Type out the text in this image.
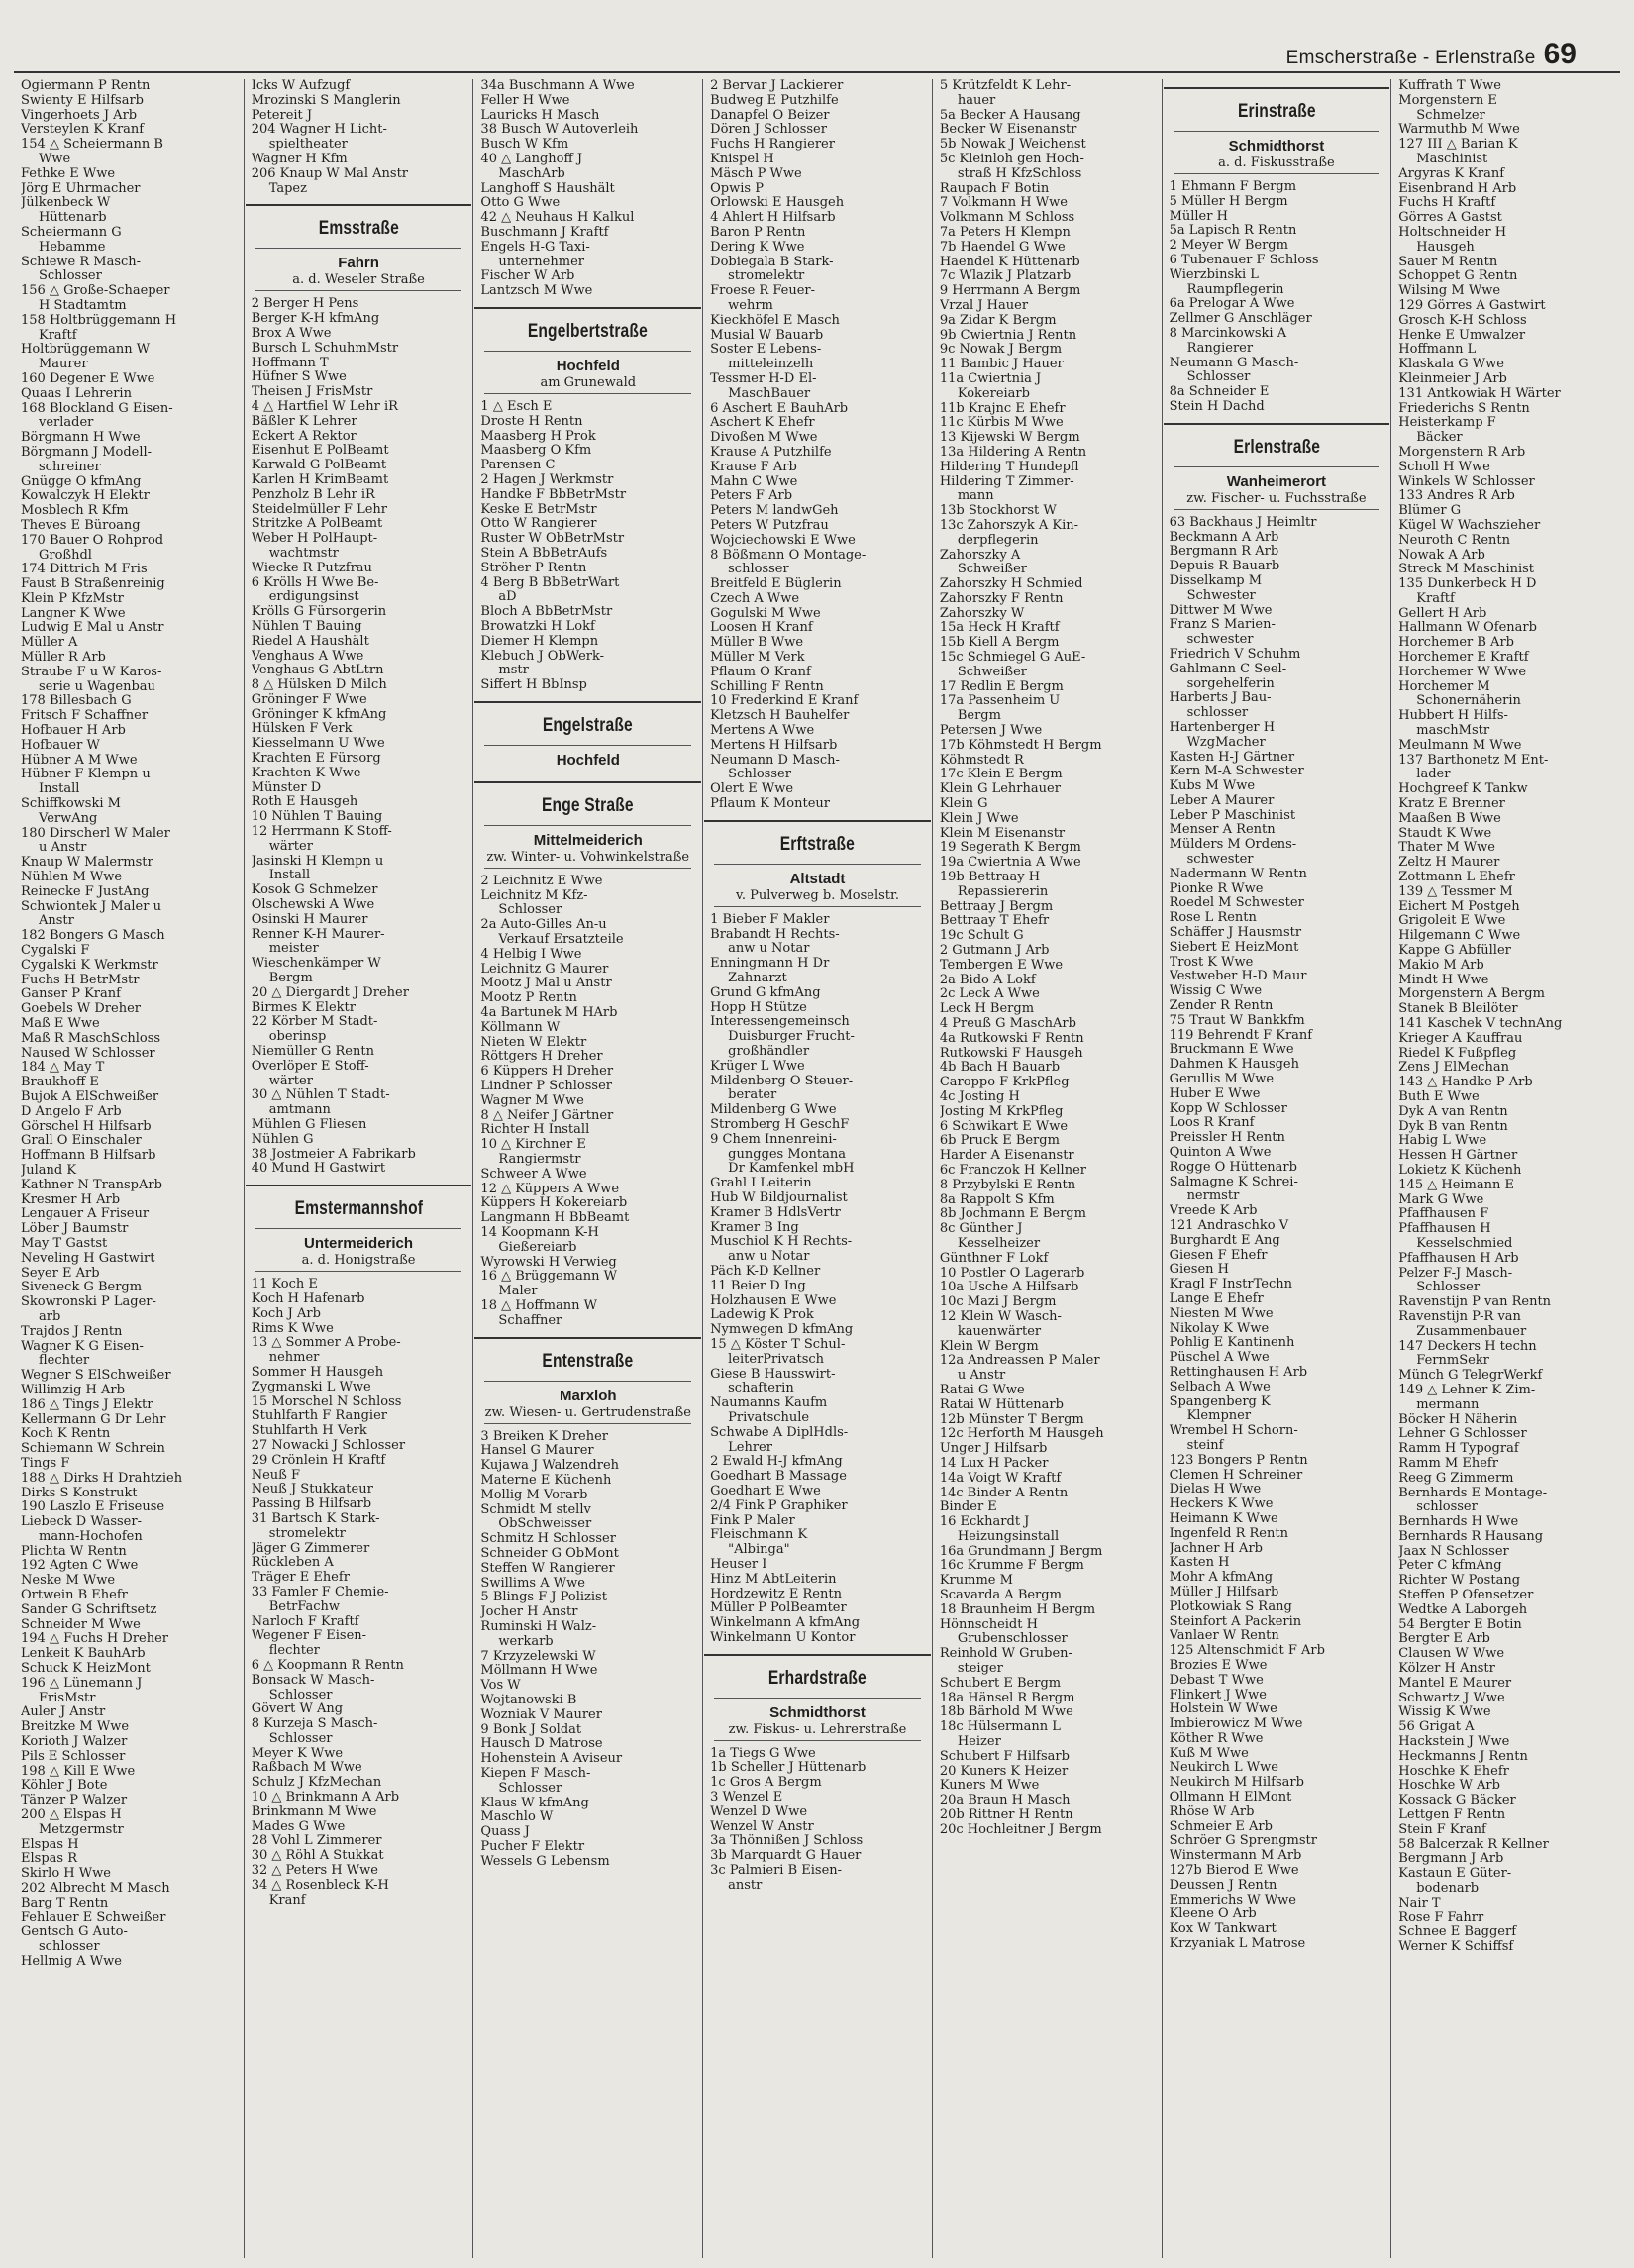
Emscherstraße - Erlenstraße 69
Ogiermann P Rentn
Swienty E Hilfsarb
Vingerhoets J Arb
Versteylen K Kranf
154 △ Scheiermann B
Wwe
Fethke E Wwe
Jörg E Uhrmacher
Jülkenbeck W
Hüttenarb
Scheiermann G
Hebamme
Schiewe R Masch-
Schlosser
156 △ Große-Schaeper
H Stadtamtm
158 Holtbrüggemann H
Kraftf
Holtbrüggemann W
Maurer
160 Degener E Wwe
Quaas I Lehrerin
168 Blockland G Eisen-
verlader
Börgmann H Wwe
Börgmann J Modell-
schreiner
Gnügge O kfmAng
Kowalczyk H Elektr
Mosblech R Kfm
Theves E Büroang
170 Bauer O Rohprod
Großhdl
174 Dittrich M Fris
Faust B Straßenreinig
Klein P KfzMstr
Langner K Wwe
Ludwig E Mal u Anstr
Müller A
Müller R Arb
Straube F u W Karos-
serie u Wagenbau
178 Billesbach G
Fritsch F Schaffner
Hofbauer H Arb
Hofbauer W
Hübner A M Wwe
Hübner F Klempn u
Install
Schiffkowski M
VerwAng
180 Dirscherl W Maler
u Anstr
Knaup W Malermstr
Nühlen M Wwe
Reinecke F JustAng
Schwiontek J Maler u
Anstr
182 Bongers G Masch
Cygalski F
Cygalski K Werkmstr
Fuchs H BetrMstr
Ganser P Kranf
Goebels W Dreher
Maß E Wwe
Maß R MaschSchloss
Naused W Schlosser
184 △ May T
Braukhoff E
Bujok A ElSchweißer
D Angelo F Arb
Görschel H Hilfsarb
Grall O Einschaler
Hoffmann B Hilfsarb
Juland K
Kathner N TranspArb
Kresmer H Arb
Lengauer A Friseur
Löber J Baumstr
May T Gastst
Neveling H Gastwirt
Seyer E Arb
Siveneck G Bergm
Skowronski P Lager-
arb
Trajdos J Rentn
Wagner K G Eisen-
flechter
Wegner S ElSchweißer
Willimzig H Arb
186 △ Tings J Elektr
Kellermann G Dr Lehr
Koch K Rentn
Schiemann W Schrein
Tings F
188 △ Dirks H Drahtzieh
Dirks S Konstrukt
190 Laszlo E Friseuse
Liebeck D Wasser-
mann-Hochofen
Plichta W Rentn
192 Agten C Wwe
Neske M Wwe
Ortwein B Ehefr
Sander G Schriftsetz
Schneider M Wwe
194 △ Fuchs H Dreher
Lenkeit K BauhArb
Schuck K HeizMont
196 △ Lünemann J
FrisMstr
Auler J Anstr
Breitzke M Wwe
Korioth J Walzer
Pils E Schlosser
198 △ Kill E Wwe
Köhler J Bote
Tänzer P Walzer
200 △ Elspas H
Metzgermstr
Elspas H
Elspas R
Skirlo H Wwe
202 Albrecht M Masch
Barg T Rentn
Fehlauer E Schweißer
Gentsch G Auto-
schlosser
Hellmig A Wwe
Icks W Aufzugf
Mrozinski S Manglerin
Petereit J
204 Wagner H Licht-
spieltheater
Wagner H Kfm
206 Knaup W Mal Anstr
Tapez
Emsstraße
Fahrn
a. d. Weseler Straße
2 Berger H Pens
Berger K-H kfmAng
Brox A Wwe
Bursch L SchuhmMstr
Hoffmann T
Hüfner S Wwe
Theisen J FrisMstr
4 △ Hartfiel W Lehr iR
Bäßler K Lehrer
Eckert A Rektor
Eisenhut E PolBeamt
Karwald G PolBeamt
Karlen H KrimBeamt
Penzholz B Lehr iR
Steidelmüller F Lehr
Stritzke A PolBeamt
Weber H PolHaupt-
wachtmstr
Wiecke R Putzfrau
6 Krölls H Wwe Be-
erdigungsinst
Krölls G Fürsorgerin
Nühlen T Bauing
Riedel A Haushält
Venghaus A Wwe
Venghaus G AbtLtrn
8 △ Hülsken D Milch
Gröninger F Wwe
Gröninger K kfmAng
Hülsken F Verk
Kiesselmann U Wwe
Krachten E Fürsorg
Krachten K Wwe
Münster D
Roth E Hausgeh
10 Nühlen T Bauing
12 Herrmann K Stoff-
wärter
Jasinski H Klempn u
Install
Kosok G Schmelzer
Olschewski A Wwe
Osinski H Maurer
Renner K-H Maurer-
meister
Wieschenkämper W
Bergm
20 △ Diergardt J Dreher
Birmes K Elektr
22 Körber M Stadt-
oberinsp
Niemüller G Rentn
Overlöper E Stoff-
wärter
30 △ Nühlen T Stadt-
amtmann
Mühlen G Fliesen
Nühlen G
38 Jostmeier A Fabrikarb
40 Mund H Gastwirt
Emstermannshof
Untermeiderich
a. d. Honigstraße
11 Koch E
Koch H Hafenarb
Koch J Arb
Rims K Wwe
13 △ Sommer A Probe-
nehmer
Sommer H Hausgeh
Zygmanski L Wwe
15 Morschel N Schloss
Stuhlfarth F Rangier
Stuhlfarth H Verk
27 Nowacki J Schlosser
29 Crönlein H Kraftf
Neuß F
Neuß J Stukkateur
Passing B Hilfsarb
31 Bartsch K Stark-
stromelektr
Jäger G Zimmerer
Rückleben A
Träger E Ehefr
33 Famler F Chemie-
BetrFachw
Narloch F Kraftf
Wegener F Eisen-
flechter
6 △ Koopmann R Rentn
Bonsack W Masch-
Schlosser
Gövert W Ang
8 Kurzeja S Masch-
Schlosser
Meyer K Wwe
Raßbach M Wwe
Schulz J KfzMechan
10 △ Brinkmann A Arb
Brinkmann M Wwe
Mades G Wwe
28 Vohl L Zimmerer
30 △ Röhl A Stukkat
32 △ Peters H Wwe
34 △ Rosenbleck K-H
Kranf
34a Buschmann A Wwe
Feller H Wwe
Lauricks H Masch
38 Busch W Autoverleih
Busch W Kfm
40 △ Langhoff J
MaschArb
Langhoff S Haushält
Otto G Wwe
42 △ Neuhaus H Kalkul
Buschmann J Kraftf
Engels H-G Taxi-
unternehmer
Fischer W Arb
Lantzsch M Wwe
Engelbertstraße
Hochfeld
am Grunewald
1 △ Esch E
Droste H Rentn
Maasberg H Prok
Maasberg O Kfm
Parensen C
2 Hagen J Werkmstr
Handke F BbBetrMstr
Keske E BetrMstr
Otto W Rangierer
Ruster W ObBetrMstr
Stein A BbBetrAufs
Ströher P Rentn
4 Berg B BbBetrWart
aD
Bloch A BbBetrMstr
Browatzki H Lokf
Diemer H Klempn
Klebuch J ObWerk-
mstr
Siffert H BbInsp
Engelstraße
Hochfeld
Enge Straße
Mittelmeiderich
zw. Winter- u. Vohwinkelstraße
2 Leichnitz E Wwe
Leichnitz M Kfz-
Schlosser
2a Auto-Gilles An-u
Verkauf Ersatzteile
4 Helbig I Wwe
Leichnitz G Maurer
Mootz J Mal u Anstr
Mootz P Rentn
4a Bartunek M HArb
Köllmann W
Nieten W Elektr
Röttgers H Dreher
6 Küppers H Dreher
Lindner P Schlosser
Wagner M Wwe
8 △ Neifer J Gärtner
Richter H Install
10 △ Kirchner E
Rangiermstr
Schweer A Wwe
12 △ Küppers A Wwe
Küppers H Kokereiarb
Langmann H BbBeamt
14 Koopmann K-H
Gießereiarb
Wyrowski H Verwieg
16 △ Brüggemann W
Maler
18 △ Hoffmann W
Schaffner
Entenstraße
Marxloh
zw. Wiesen- u. Gertrudenstraße
3 Breiken K Dreher
Hansel G Maurer
Kujawa J Walzendreh
Materne E Küchenh
Mollig M Vorarb
Schmidt M stellv
ObSchweisser
Schmitz H Schlosser
Schneider G ObMont
Steffen W Rangierer
Swillims A Wwe
5 Blings F J Polizist
Jocher H Anstr
Ruminski H Walz-
werkarb
7 Krzyzelewski W
Möllmann H Wwe
Vos W
Wojtanowski B
Wozniak V Maurer
9 Bonk J Soldat
Hausch D Matrose
Hohenstein A Aviseur
Kiepen F Masch-
Schlosser
Klaus W kfmAng
Maschlo W
Quass J
Pucher F Elektr
Wessels G Lebensm
2 Bervar J Lackierer
Budweg E Putzhilfe
Danapfel O Beizer
Dören J Schlosser
Fuchs H Rangierer
Knispel H
Mäsch P Wwe
Opwis P
Orlowski E Hausgeh
4 Ahlert H Hilfsarb
Baron P Rentn
Dering K Wwe
Dobiegala B Stark-
stromelektr
Froese R Feuer-
wehrm
Kieckhöfel E Masch
Musial W Bauarb
Soster E Lebens-
mitteleinzelh
Tessmer H-D El-
MaschBauer
6 Aschert E BauhArb
Aschert K Ehefr
Divoßen M Wwe
Krause A Putzhilfe
Krause F Arb
Mahn C Wwe
Peters F Arb
Peters M landwGeh
Peters W Putzfrau
Wojciechowski E Wwe
8 Bößmann O Montage-
schlosser
Breitfeld E Büglerin
Czech A Wwe
Gogulski M Wwe
Loosen H Kranf
Müller B Wwe
Müller M Verk
Pflaum O Kranf
Schilling F Rentn
10 Frederkind E Kranf
Kletzsch H Bauhelfer
Mertens A Wwe
Mertens H Hilfsarb
Neumann D Masch-
Schlosser
Olert E Wwe
Pflaum K Monteur
Erftstraße
Altstadt
v. Pulverweg b. Moselstr.
1 Bieber F Makler
Brabandt H Rechts-
anw u Notar
Enningmann H Dr
Zahnarzt
Grund G kfmAng
Hopp H Stütze
Interessengemeinsch
Duisburger Frucht-
großhändler
Krüger L Wwe
Mildenberg O Steuer-
berater
Mildenberg G Wwe
Stromberg H GeschF
9 Chem Innenreini-
gungges Montana
Dr Kamfenkel mbH
Grahl I Leiterin
Hub W Bildjournalist
Kramer B HdlsVertr
Kramer B Ing
Muschiol K H Rechts-
anw u Notar
Päch K-D Kellner
11 Beier D Ing
Holzhausen E Wwe
Ladewig K Prok
Nymwegen D kfmAng
15 △ Köster T Schul-
leiterPrivatsch
Giese B Hausswirt-
schafterin
Naumanns Kaufm
Privatschule
Schwabe A DiplHdls-
Lehrer
2 Ewald H-J kfmAng
Goedhart B Massage
Goedhart E Wwe
2/4 Fink P Graphiker
Fink P Maler
Fleischmann K
"Albinga"
Heuser I
Hinz M AbtLeiterin
Hordzewitz E Rentn
Müller P PolBeamter
Winkelmann A kfmAng
Winkelmann U Kontor
Erhardstraße
Schmidthorst
zw. Fiskus- u. Lehrerstraße
1a Tiegs G Wwe
1b Scheller J Hüttenarb
1c Gros A Bergm
3 Wenzel E
Wenzel D Wwe
Wenzel W Anstr
3a Thönnißen J Schloss
3b Marquardt G Hauer
3c Palmieri B Eisen-
anstr
5 Krützfeldt K Lehr-
hauer
5a Becker A Hausang
Becker W Eisenanstr
5b Nowak J Weichenst
5c Kleinloh gen Hoch-
straß H KfzSchloss
Raupach F Botin
7 Volkmann H Wwe
Volkmann M Schloss
7a Peters H Klempn
7b Haendel G Wwe
Haendel K Hüttenarb
7c Wlazik J Platzarb
9 Herrmann A Bergm
Vrzal J Hauer
9a Zidar K Bergm
9b Cwiertnia J Rentn
9c Nowak J Bergm
11 Bambic J Hauer
11a Cwiertnia J
Kokereiarb
11b Krajnc E Ehefr
11c Kürbis M Wwe
13 Kijewski W Bergm
13a Hildering A Rentn
Hildering T Hundepfl
Hildering T Zimmer-
mann
13b Stockhorst W
13c Zahorszyk A Kin-
derpflegerin
Zahorszky A
Schweißer
Zahorszky H Schmied
Zahorszky F Rentn
Zahorszky W
15a Heck H Kraftf
15b Kiell A Bergm
15c Schmiegel G AuE-
Schweißer
17 Redlin E Bergm
17a Passenheim U
Bergm
Petersen J Wwe
17b Köhmstedt H Bergm
Köhmstedt R
17c Klein E Bergm
Klein G Lehrhauer
Klein G
Klein J Wwe
Klein M Eisenanstr
19 Segerath K Bergm
19a Cwiertnia A Wwe
19b Bettraay H
Repassiererin
Bettraay J Bergm
Bettraay T Ehefr
19c Schult G
2 Gutmann J Arb
Tembergen E Wwe
2a Bido A Lokf
2c Leck A Wwe
Leck H Bergm
4 Preuß G MaschArb
4a Rutkowski F Rentn
Rutkowski F Hausgeh
4b Bach H Bauarb
Caroppo F KrkPfleg
4c Josting H
Josting M KrkPfleg
6 Schwikart E Wwe
6b Pruck E Bergm
Harder A Eisenanstr
6c Franczok H Kellner
8 Przybylski E Rentn
8a Rappolt S Kfm
8b Jochmann E Bergm
8c Günther J
Kesselheizer
Günthner F Lokf
10 Postler O Lagerarb
10a Usche A Hilfsarb
10c Mazi J Bergm
12 Klein W Wasch-
kauenwärter
Klein W Bergm
12a Andreassen P Maler
u Anstr
Ratai G Wwe
Ratai W Hüttenarb
12b Münster T Bergm
12c Herforth M Hausgeh
Unger J Hilfsarb
14 Lux H Packer
14a Voigt W Kraftf
14c Binder A Rentn
Binder E
16 Eckhardt J
Heizungsinstall
16a Grundmann J Bergm
16c Krumme F Bergm
Krumme M
Scavarda A Bergm
18 Braunheim H Bergm
Hönnscheidt H
Grubenschlosser
Reinhold W Gruben-
steiger
Schubert E Bergm
18a Hänsel R Bergm
18b Bärhold M Wwe
18c Hülsermann L
Heizer
Schubert F Hilfsarb
20 Kuners K Heizer
Kuners M Wwe
20a Braun H Masch
20b Rittner H Rentn
20c Hochleitner J Bergm
Erinstraße
Schmidthorst
a. d. Fiskusstraße
1 Ehmann F Bergm
5 Müller H Bergm
Müller H
5a Lapisch R Rentn
2 Meyer W Bergm
6 Tubenauer F Schloss
Wierzbinski L
Raumpflegerin
6a Prelogar A Wwe
Zellmer G Anschläger
8 Marcinkowski A
Rangierer
Neumann G Masch-
Schlosser
8a Schneider E
Stein H Dachd
Erlenstraße
Wanheimerort
zw. Fischer- u. Fuchsstraße
63 Backhaus J Heimltr
Beckmann A Arb
Bergmann R Arb
Depuis R Bauarb
Disselkamp M
Schwester
Dittwer M Wwe
Franz S Marien-
schwester
Friedrich V Schuhm
Gahlmann C Seel-
sorgehelferin
Harberts J Bau-
schlosser
Hartenberger H
WzgMacher
Kasten H-J Gärtner
Kern M-A Schwester
Kubs M Wwe
Leber A Maurer
Leber P Maschinist
Menser A Rentn
Mülders M Ordens-
schwester
Nadermann W Rentn
Pionke R Wwe
Roedel M Schwester
Rose L Rentn
Schäffer J Hausmstr
Siebert E HeizMont
Trost K Wwe
Vestweber H-D Maur
Wissig C Wwe
Zender R Rentn
75 Traut W Bankkfm
119 Behrendt F Kranf
Bruckmann E Wwe
Dahmen K Hausgeh
Gerullis M Wwe
Huber E Wwe
Kopp W Schlosser
Loos R Kranf
Preissler H Rentn
Quinton A Wwe
Rogge O Hüttenarb
Salmagne K Schrei-
nermstr
Vreede K Arb
121 Andraschko V
Burghardt E Ang
Giesen F Ehefr
Giesen H
Kragl F InstrTechn
Lange E Ehefr
Niesten M Wwe
Nikolay K Wwe
Pohlig E Kantinenh
Püschel A Wwe
Rettinghausen H Arb
Selbach A Wwe
Spangenberg K
Klempner
Wrembel H Schorn-
steinf
123 Bongers P Rentn
Clemen H Schreiner
Dielas H Wwe
Heckers K Wwe
Heimann K Wwe
Ingenfeld R Rentn
Jachner H Arb
Kasten H
Mohr A kfmAng
Müller J Hilfsarb
Plotkowiak S Rang
Steinfort A Packerin
Vanlaer W Rentn
125 Altenschmidt F Arb
Brozies E Wwe
Debast T Wwe
Flinkert J Wwe
Holstein W Wwe
Imbierowicz M Wwe
Köther R Wwe
Kuß M Wwe
Neukirch L Wwe
Neukirch M Hilfsarb
Ollmann H ElMont
Rhöse W Arb
Schmeier E Arb
Schröer G Sprengmstr
Winstermann M Arb
127b Bierod E Wwe
Deussen J Rentn
Emmerichs W Wwe
Kleene O Arb
Kox W Tankwart
Krzyaniak L Matrose
Kuffrath T Wwe
Morgenstern E
Schmelzer
Warmuthb M Wwe
127 III △ Barian K
Maschinist
Argyras K Kranf
Eisenbrand H Arb
Fuchs H Kraftf
Görres A Gastst
Holtschneider H
Hausgeh
Sauer M Rentn
Schoppet G Rentn
Wilsing M Wwe
129 Görres A Gastwirt
Grosch K-H Schloss
Henke E Umwalzer
Hoffmann L
Klaskala G Wwe
Kleinmeier J Arb
131 Antkowiak H Wärter
Friederichs S Rentn
Heisterkamp F
Bäcker
Morgenstern R Arb
Scholl H Wwe
Winkels W Schlosser
133 Andres R Arb
Blümer G
Kügel W Wachszieher
Neuroth C Rentn
Nowak A Arb
Streck M Maschinist
135 Dunkerbeck H D
Kraftf
Gellert H Arb
Hallmann W Ofenarb
Horchemer B Arb
Horchemer E Kraftf
Horchemer W Wwe
Horchemer M
Schonernäherin
Hubbert H Hilfs-
maschMstr
Meulmann M Wwe
137 Barthonetz M Ent-
lader
Hochgreef K Tankw
Kratz E Brenner
Maaßen B Wwe
Staudt K Wwe
Thater M Wwe
Zeltz H Maurer
Zottmann L Ehefr
139 △ Tessmer M
Eichert M Postgeh
Grigoleit E Wwe
Hilgemann C Wwe
Kappe G Abfüller
Makio M Arb
Mindt H Wwe
Morgenstern A Bergm
Stanek B Bleilöter
141 Kaschek V technAng
Krieger A Kauffrau
Riedel K Fußpfleg
Zens J ElMechan
143 △ Handke P Arb
Buth E Wwe
Dyk A van Rentn
Dyk B van Rentn
Habig L Wwe
Hessen H Gärtner
Lokietz K Küchenh
145 △ Heimann E
Mark G Wwe
Pfaffhausen F
Pfaffhausen H
Kesselschmied
Pfaffhausen H Arb
Pelzer F-J Masch-
Schlosser
Ravenstijn P van Rentn
Ravenstijn P-R van
Zusammenbauer
147 Deckers H techn
FernmSekr
Münch G TelegrWerkf
149 △ Lehner K Zim-
mermann
Böcker H Näherin
Lehner G Schlosser
Ramm H Typograf
Ramm M Ehefr
Reeg G Zimmerm
Bernhards E Montage-
schlosser
Bernhards H Wwe
Bernhards R Hausang
Jaax N Schlosser
Peter C kfmAng
Richter W Postang
Steffen P Ofensetzer
Wedtke A Laborgeh
54 Bergter E Botin
Bergter E Arb
Clausen W Wwe
Kölzer H Anstr
Mantel E Maurer
Schwartz J Wwe
Wissig K Wwe
56 Grigat A
Hackstein J Wwe
Heckmanns J Rentn
Hoschke K Ehefr
Hoschke W Arb
Kossack G Bäcker
Lettgen F Rentn
Stein F Kranf
58 Balcerzak R Kellner
Bergmann J Arb
Kastaun E Güter-
bodenarb
Nair T
Rose F Fahrr
Schnee E Baggerf
Werner K Schiffsf
